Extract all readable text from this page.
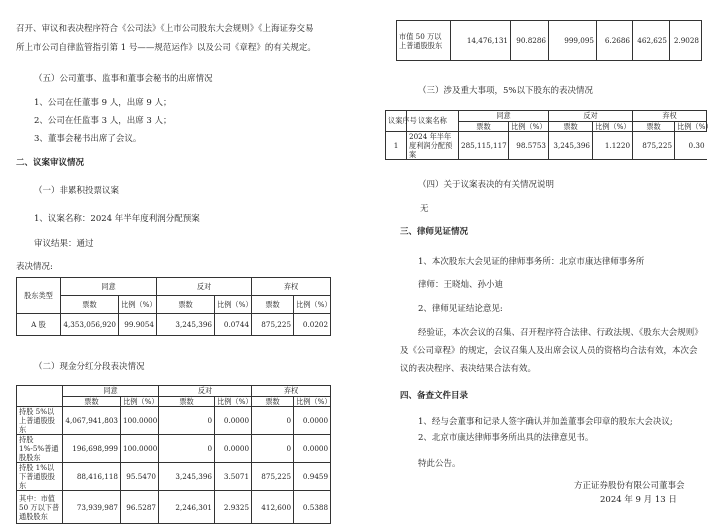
召开、审议和表决程序符合《公司法》《上市公司股东大会规则》《上海证券交易
所上市公司自律监管指引第 1 号——规范运作》以及公司《章程》的有关规定。
（五）公司董事、监事和董事会秘书的出席情况
1、公司在任董事 9 人，出席 9 人；
2、公司在任监事 3 人，出席 3 人；
3、董事会秘书出席了会议。
二、议案审议情况
（一）非累积投票议案
1、议案名称：2024 年半年度利润分配预案
审议结果：通过
表决情况:
股东类型	同意		反对		弃权	
	票数	比例（%）	票数	比例（%）	票数	比例（%）
A 股	4,353,056,920	99.9054	3,245,396	0.0744	875,225	0.0202
（二）现金分红分段表决情况
	同意		反对		弃权	
	票数	比例（%）	票数	比例（%）	票数	比例（%）
持股 5%以上普通股股东	4,067,941,803	100.0000	0	0.0000	0	0.0000
持股 1%-5%普通股股东	196,698,999	100.0000	0	0.0000	0	0.0000
持股 1%以下普通股股东	88,416,118	95.5470	3,245,396	3.5071	875,225	0.9459
其中：市值 50 万以下普通股股东	73,939,987	96.5287	2,246,301	2.9325	412,600	0.5388
市值 50 万以上普通股股东	14,476,131	90.8286	999,095	6.2686	462,625	2.9028
（三）涉及重大事项，5%以下股东的表决情况
议案序号	议案名称	同意		反对		弃权	
		票数	比例（%）	票数	比例（%）	票数	比例（%）
1	2024 年半年度利润分配预案	285,115,117	98.5753	3,245,396	1.1220	875,225	0.30
（四）关于议案表决的有关情况说明
无
三、律师见证情况
1、本次股东大会见证的律师事务所：北京市康达律师事务所
律师：王晓灿、孙小迪
2、律师见证结论意见:
经验证，本次会议的召集、召开程序符合法律、行政法规、《股东大会规则》
及《公司章程》的规定，会议召集人及出席会议人员的资格均合法有效，本次会
议的表决程序、表决结果合法有效。
四、备查文件目录
1、经与会董事和记录人签字确认并加盖董事会印章的股东大会决议;
2、北京市康达律师事务所出具的法律意见书。
特此公告。
方正证券股份有限公司董事会
2024 年 9 月 13 日
